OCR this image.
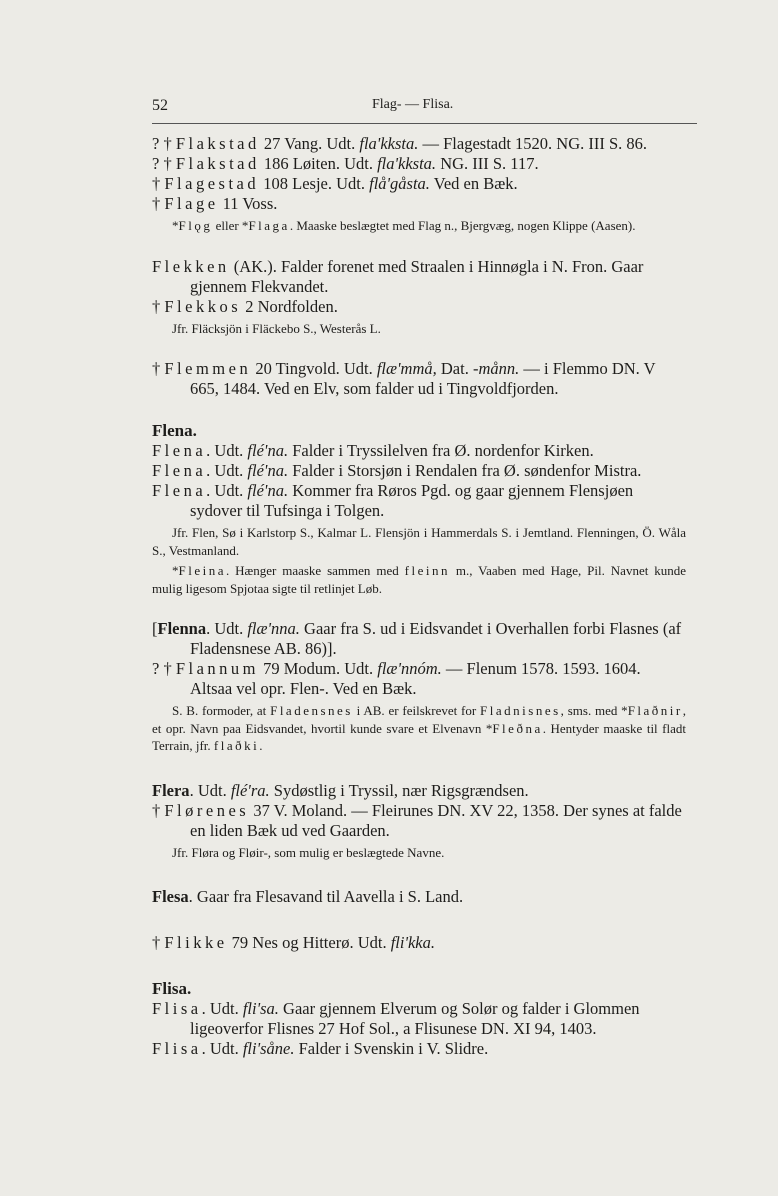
52	Flag- — Flisa.

? † Flakstad 27 Vang. Udt. fla'kksta. — Flagestadt 1520. NG. III S. 86.

? † Flakstad 186 Løiten. Udt. fla'kksta. NG. III S. 117.

† Flagestad 108 Lesje. Udt. flå'gåsta. Ved en Bæk.

† Flage 11 Voss.

*Flǫg eller *Flaga. Maaske beslægtet med Flag n., Bjergvæg, nogen Klippe (Aasen).

Flekken (AK.). Falder forenet med Straalen i Hinnøgla i N. Fron. Gaar gjennem Flekvandet.

† Flekkos 2 Nordfolden.

Jfr. Fläcksjön i Fläckebo S., Westerås L.

† Flemmen 20 Tingvold. Udt. flæ'mmå, Dat. -månn. — i Flemmo DN. V 665, 1484. Ved en Elv, som falder ud i Tingvoldfjorden.

Flena.

Flena. Udt. flé'na. Falder i Tryssilelven fra Ø. nordenfor Kirken.

Flena. Udt. flé'na. Falder i Storsjøn i Rendalen fra Ø. søndenfor Mistra.

Flena. Udt. flé'na. Kommer fra Røros Pgd. og gaar gjennem Flensjøen sydover til Tufsinga i Tolgen.

Jfr. Flen, Sø i Karlstorp S., Kalmar L. Flensjön i Hammerdals S. i Jemtland. Flenningen, Ö. Wåla S., Vestmanland.

*Fleina. Hænger maaske sammen med fleinn m., Vaaben med Hage, Pil. Navnet kunde mulig ligesom Spjotaa sigte til retlinjet Løb.

[Flenna. Udt. flæ'nna. Gaar fra S. ud i Eidsvandet i Overhallen forbi Flasnes (af Fladensnese AB. 86)].

? † Flannum 79 Modum. Udt. flæ'nnóm. — Flenum 1578. 1593. 1604. Altsaa vel opr. Flen-. Ved en Bæk.

S. B. formoder, at Fladensnes i AB. er feilskrevet for Fladnisnes, sms. med *Flaðnir, et opr. Navn paa Eidsvandet, hvortil kunde svare et Elvenavn *Fleðna. Hentyder maaske til fladt Terrain, jfr. flaðki.

Flera. Udt. flé'ra. Sydøstlig i Tryssil, nær Rigsgrændsen.

† Flørenes 37 V. Moland. — Fleirunes DN. XV 22, 1358. Der synes at falde en liden Bæk ud ved Gaarden.

Jfr. Fløra og Fløir-, som mulig er beslægtede Navne.

Flesa. Gaar fra Flesavand til Aavella i S. Land.

† Flikke 79 Nes og Hitterø. Udt. fli'kka.

Flisa.

Flisa. Udt. fli'sa. Gaar gjennem Elverum og Solør og falder i Glommen ligeoverfor Flisnes 27 Hof Sol., a Flisunese DN. XI 94, 1403.

Flisa. Udt. fli'såne. Falder i Svenskin i V. Slidre.
